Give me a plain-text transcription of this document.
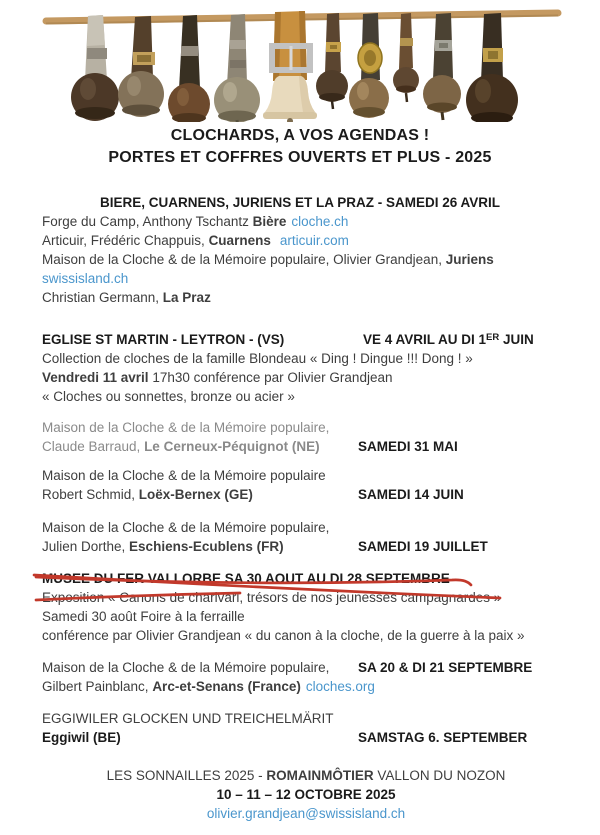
CLOCHARDS, A VOS AGENDAS !
PORTES ET COFFRES OUVERTS ET PLUS - 2025
BIERE, CUARNENS, JURIENS ET LA PRAZ - SAMEDI 26 AVRIL
Forge du Camp, Anthony Tschantz Bière cloche.ch
Articuir, Frédéric Chappuis, Cuarnens articuir.com
Maison de la Cloche & de la Mémoire populaire, Olivier Grandjean, Juriens
swissisland.ch
Christian Germann, La Praz
EGLISE ST MARTIN - LEYTRON - (VS)	VE 4 AVRIL AU DI 1ER JUIN
Collection de cloches de la famille Blondeau « Ding ! Dingue !!! Dong ! »
Vendredi 11 avril 17h30 conférence par Olivier Grandjean
« Cloches ou sonnettes, bronze ou acier »
Maison de la Cloche & de la Mémoire populaire,
Claude Barraud, Le Cerneux-Péquignot (NE)	SAMEDI 31 MAI
Maison de la Cloche & de la Mémoire populaire
Robert Schmid, Loëx-Bernex (GE)	SAMEDI 14 JUIN
Maison de la Cloche & de la Mémoire populaire,
Julien Dorthe, Eschiens-Ecublens (FR)	SAMEDI 19 JUILLET
MUSEE DU FER VALLORBE SA 30 AOUT AU DI 28 SEPTEMBRE
Exposition « Canons de charivari, trésors de nos jeunesses campagnardes »
Samedi 30 août Foire à la ferraille
conférence par Olivier Grandjean « du canon à la cloche, de la guerre à la paix »
Maison de la Cloche & de la Mémoire populaire, SA 20 & DI 21 SEPTEMBRE
Gilbert Painblanc, Arc-et-Senans (France) cloches.org
EGGIWILER GLOCKEN UND TREICHELMÄRIT
Eggiwil (BE)	SAMSTAG 6. SEPTEMBER
LES SONNAILLES 2025 - ROMAINMÔTIER VALLON DU NOZON
10 – 11 – 12 OCTOBRE 2025
olivier.grandjean@swissisland.ch
